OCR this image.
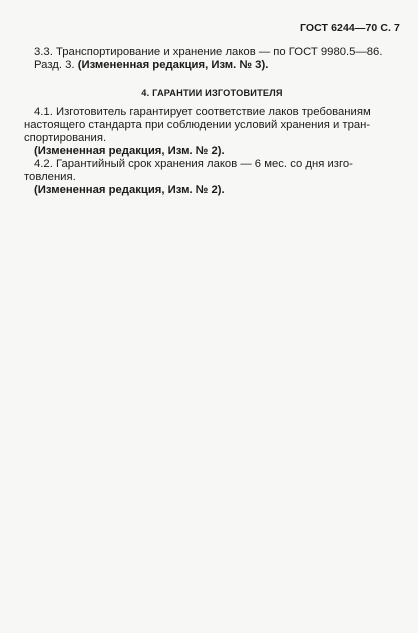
ГОСТ 6244—70 С. 7

3.3. Транспортирование и хранение лаков — по ГОСТ 9980.5—86.

Разд. 3. (Измененная редакция, Изм. № 3).

4. ГАРАНТИИ ИЗГОТОВИТЕЛЯ

4.1. Изготовитель гарантирует соответствие лаков требованиям

настоящего стандарта при соблюдении условий хранения и тран-

спортирования.

(Измененная редакция, Изм. № 2).

4.2. Гарантийный срок хранения лаков — 6 мес. со дня изго-

товления.

(Измененная редакция, Изм. № 2).
